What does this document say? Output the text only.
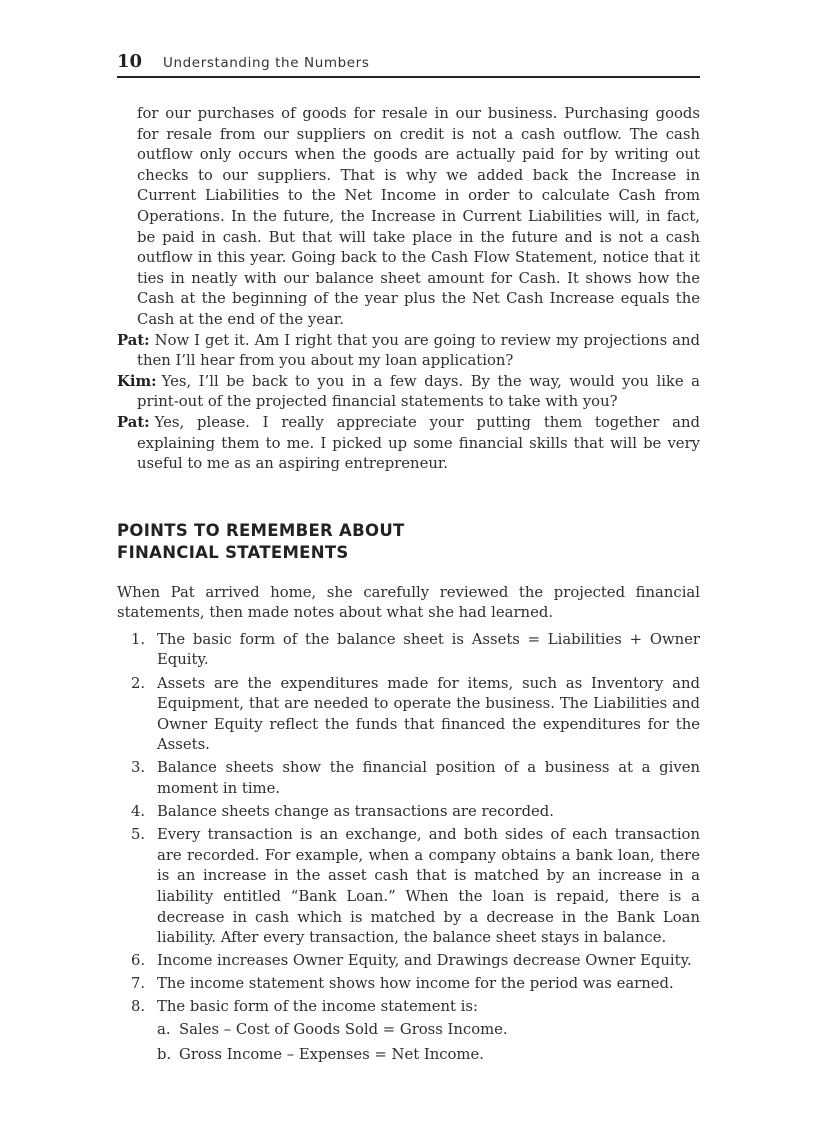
10 Understanding the Numbers

for our purchases of goods for resale in our business. Purchasing goods for resale from our suppliers on credit is not a cash outflow. The cash outflow only occurs when the goods are actually paid for by writing out checks to our suppliers. That is why we added back the Increase in Current Liabilities to the Net Income in order to calculate Cash from Operations. In the future, the Increase in Current Liabilities will, in fact, be paid in cash. But that will take place in the future and is not a cash outflow in this year. Going back to the Cash Flow Statement, notice that it ties in neatly with our balance sheet amount for Cash. It shows how the Cash at the beginning of the year plus the Net Cash Increase equals the Cash at the end of the year.

Pat: Now I get it. Am I right that you are going to review my projections and then I’ll hear from you about my loan application?

Kim: Yes, I’ll be back to you in a few days. By the way, would you like a print-out of the projected financial statements to take with you?

Pat: Yes, please. I really appreciate your putting them together and explaining them to me. I picked up some financial skills that will be very useful to me as an aspiring entrepreneur.

POINTS TO REMEMBER ABOUT
FINANCIAL STATEMENTS

When Pat arrived home, she carefully reviewed the projected financial statements, then made notes about what she had learned.

1. The basic form of the balance sheet is Assets = Liabilities + Owner Equity.
2. Assets are the expenditures made for items, such as Inventory and Equipment, that are needed to operate the business. The Liabilities and Owner Equity reflect the funds that financed the expenditures for the Assets.
3. Balance sheets show the financial position of a business at a given moment in time.
4. Balance sheets change as transactions are recorded.
5. Every transaction is an exchange, and both sides of each transaction are recorded. For example, when a company obtains a bank loan, there is an increase in the asset cash that is matched by an increase in a liability entitled “Bank Loan.” When the loan is repaid, there is a decrease in cash which is matched by a decrease in the Bank Loan liability. After every transaction, the balance sheet stays in balance.
6. Income increases Owner Equity, and Drawings decrease Owner Equity.
7. The income statement shows how income for the period was earned.
8. The basic form of the income statement is:
a. Sales – Cost of Goods Sold = Gross Income.
b. Gross Income – Expenses = Net Income.
